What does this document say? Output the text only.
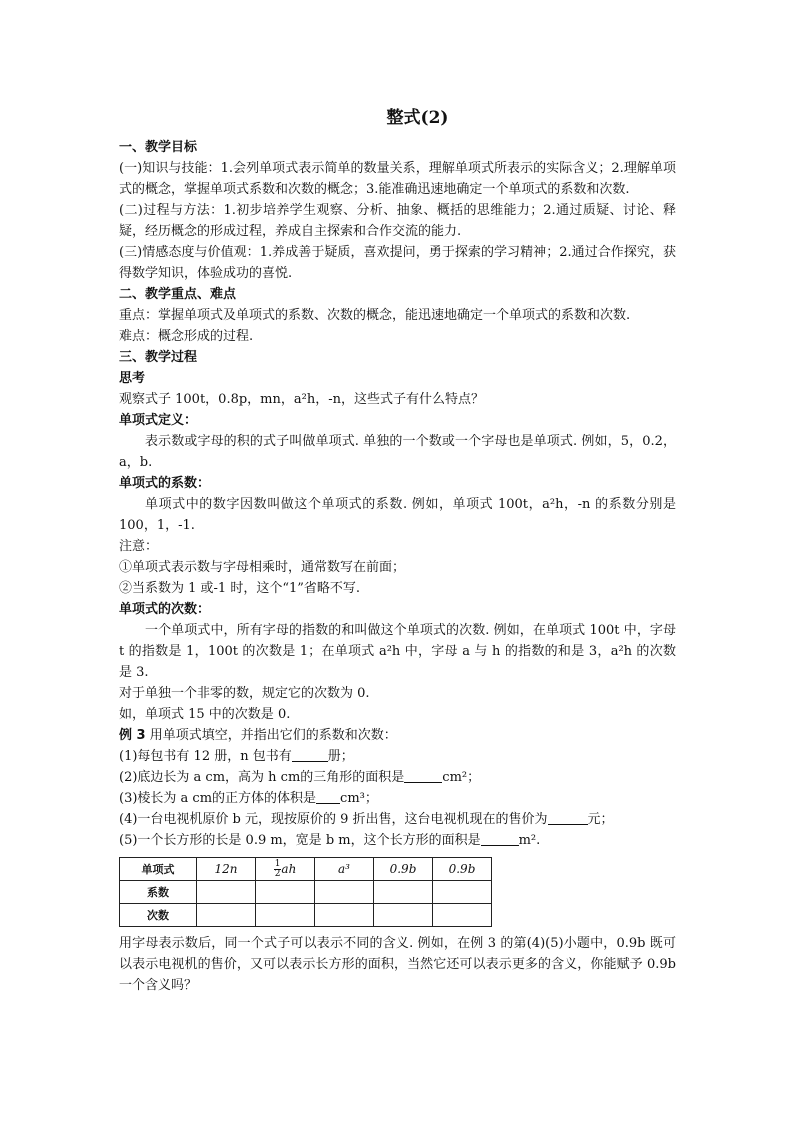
整式(2)
一、教学目标
(一)知识与技能：1.会列单项式表示简单的数量关系，理解单项式所表示的实际含义；2.理解单项式的概念，掌握单项式系数和次数的概念；3.能准确迅速地确定一个单项式的系数和次数.
(二)过程与方法：1.初步培养学生观察、分析、抽象、概括的思维能力；2.通过质疑、讨论、释疑，经历概念的形成过程，养成自主探索和合作交流的能力.
(三)情感态度与价值观：1.养成善于疑质，喜欢提问，勇于探索的学习精神；2.通过合作探究，获得数学知识，体验成功的喜悦.
二、教学重点、难点
重点：掌握单项式及单项式的系数、次数的概念，能迅速地确定一个单项式的系数和次数.
难点：概念形成的过程.
三、教学过程
思考
观察式子 100t，0.8p，mn，a²h，-n，这些式子有什么特点？
单项式定义：
表示数或字母的积的式子叫做单项式. 单独的一个数或一个字母也是单项式. 例如，5，0.2，a，b.
单项式的系数：
单项式中的数字因数叫做这个单项式的系数. 例如，单项式 100t，a²h，-n 的系数分别是 100，1，-1.
注意：
①单项式表示数与字母相乘时，通常数写在前面；
②当系数为 1 或-1 时，这个“1”省略不写.
单项式的次数：
一个单项式中，所有字母的指数的和叫做这个单项式的次数. 例如，在单项式 100t 中，字母 t 的指数是 1，100t 的次数是 1；在单项式 a²h 中，字母 a 与 h 的指数的和是 3，a²h 的次数是 3.
对于单独一个非零的数，规定它的次数为 0.
如，单项式 15 中的次数是 0.
例 3 用单项式填空，并指出它们的系数和次数：
(1)每包书有 12 册，n 包书有	册；
(2)底边长为 a cm，高为 h cm的三角形的面积是	cm²；
(3)棱长为 a cm的正方体的体积是 cm³；
(4)一台电视机原价 b 元，现按原价的 9 折出售，这台电视机现在的售价为	元；
(5)一个长方形的长是 0.9 m，宽是 b m，这个长方形的面积是	m².
单项式	12n	$\frac{1}{2}$ ah	a³	0.9b	0.9b
系数					
次数					
用字母表示数后，同一个式子可以表示不同的含义. 例如，在例 3 的第(4)(5)小题中，0.9b 既可以表示电视机的售价，又可以表示长方形的面积，当然它还可以表示更多的含义，你能赋予 0.9b 一个含义吗？
